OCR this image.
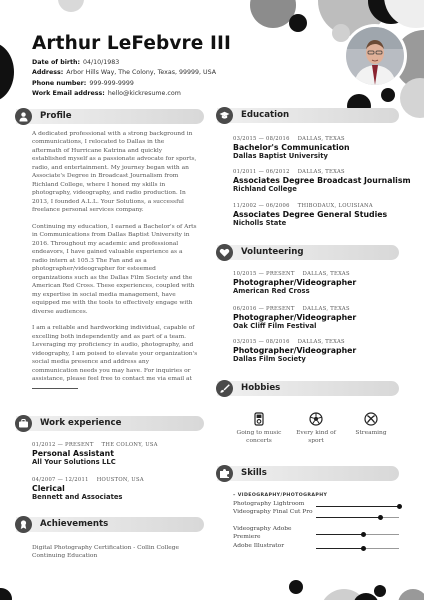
Arthur LeFebvre III
Date of birth: 04/10/1983
Address: Arbor Hills Way, The Colony, Texas, 99999, USA
Phone number: 999-999-9999
Work Email address: hello@kickresume.com
Profile

A dedicated professional with a strong background in
communications, I relocated to Dallas in the
aftermath of Hurricane Katrina and quickly
established myself as a passionate advocate for sports,
radio, and entertainment. My journey began with an
Associate's Degree in Broadcast Journalism from
Richland College, where I honed my skills in
photography, videography, and radio production. In
2013, I founded A.L.L. Your Solutions, a successful
freelance personal services company.

Continuing my education, I earned a Bachelor's of Arts
in Communications from Dallas Baptist University in
2016. Throughout my academic and professional
endeavors, I have gained valuable experience as a
radio intern at 105.3 The Fan and as a
photographer/videographer for esteemed
organizations such as the Dallas Film Society and the
American Red Cross. These experiences, coupled with
my expertise in social media management, have
equipped me with the tools to effectively engage with
diverse audiences.

I am a reliable and hardworking individual, capable of
excelling both independently and as part of a team.
Leveraging my proficiency in audio, photography, and
videography, I am poised to elevate your organization's
social media presence and address any
communication needs you may have. For inquiries or
assistance, please feel free to contact me via email at

Work experience
01/2012 — PRESENT THE COLONY, USA
Personal Assistant
All Your Solutions LLC
04/2007 — 12/2011 HOUSTON, USA
Clerical
Bennett and Associates
Achievements
Digital Photography Certification - Collin College
Continuing Education
Education
03/2015 — 08/2016 DALLAS, TEXAS
Bachelor's Communication
Dallas Baptist University
01/2011 — 06/2012 DALLAS, TEXAS
Associates Degree Broadcast Journalism
Richland College
11/2002 — 06/2006 THIBODAUX, LOUISIANA
Associates Degree General Studies
Nicholls State
Volunteering
10/2015 — PRESENT DALLAS, TEXAS
Photographer/Videographer
American Red Cross
06/2016 — PRESENT DALLAS, TEXAS
Photographer/Videographer
Oak Cliff Film Festival
03/2015 — 08/2016 DALLAS, TEXAS
Photographer/Videographer
Dallas Film Society
Hobbies
Going to music
concerts
Every kind of
sport
Streaming
Skills
– VIDEOGRAPHY/PHOTOGRAPHY
Photography Lightroom
Videography Final Cut Pro
Videography Adobe Premiere
Adobe Illustrator
